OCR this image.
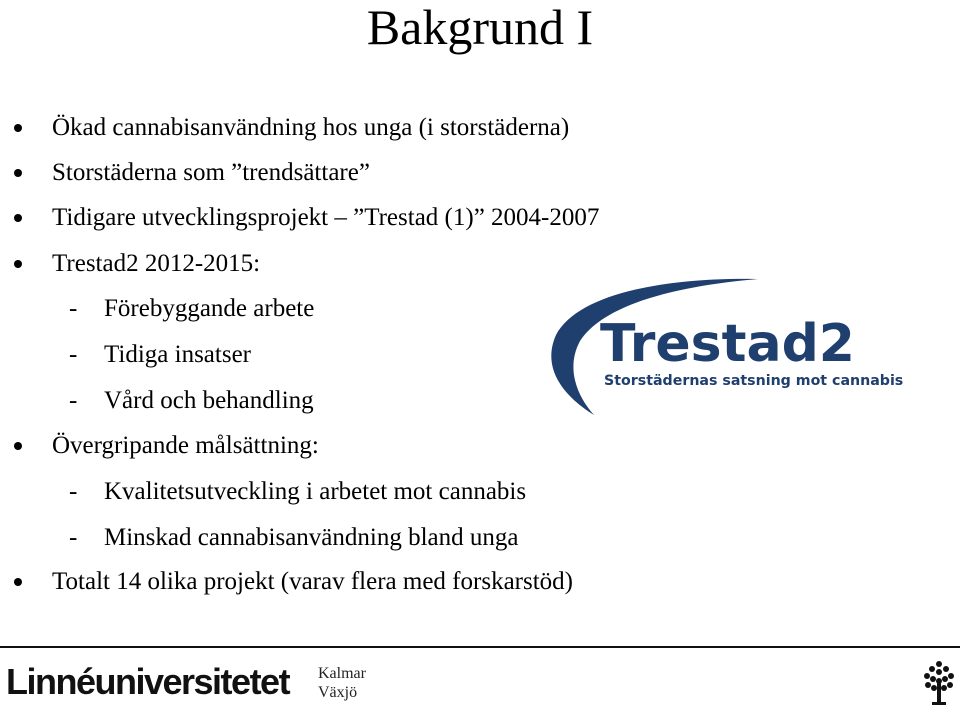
Bakgrund I
Ökad cannabisanvändning hos unga (i storstäderna)
Storstäderna som ”trendsättare”
Tidigare utvecklingsprojekt – ”Trestad (1)” 2004-2007
Trestad2 2012-2015:
- Förebyggande arbete
- Tidiga insatser
- Vård och behandling
Övergripande målsättning:
- Kvalitetsutveckling i arbetet mot cannabis
- Minskad cannabisanvändning bland unga
Totalt 14 olika projekt (varav flera med forskarstöd)
Trestad2
Storstädernas satsning mot cannabis
Linnéuniversitetet Kalmar
Växjö
